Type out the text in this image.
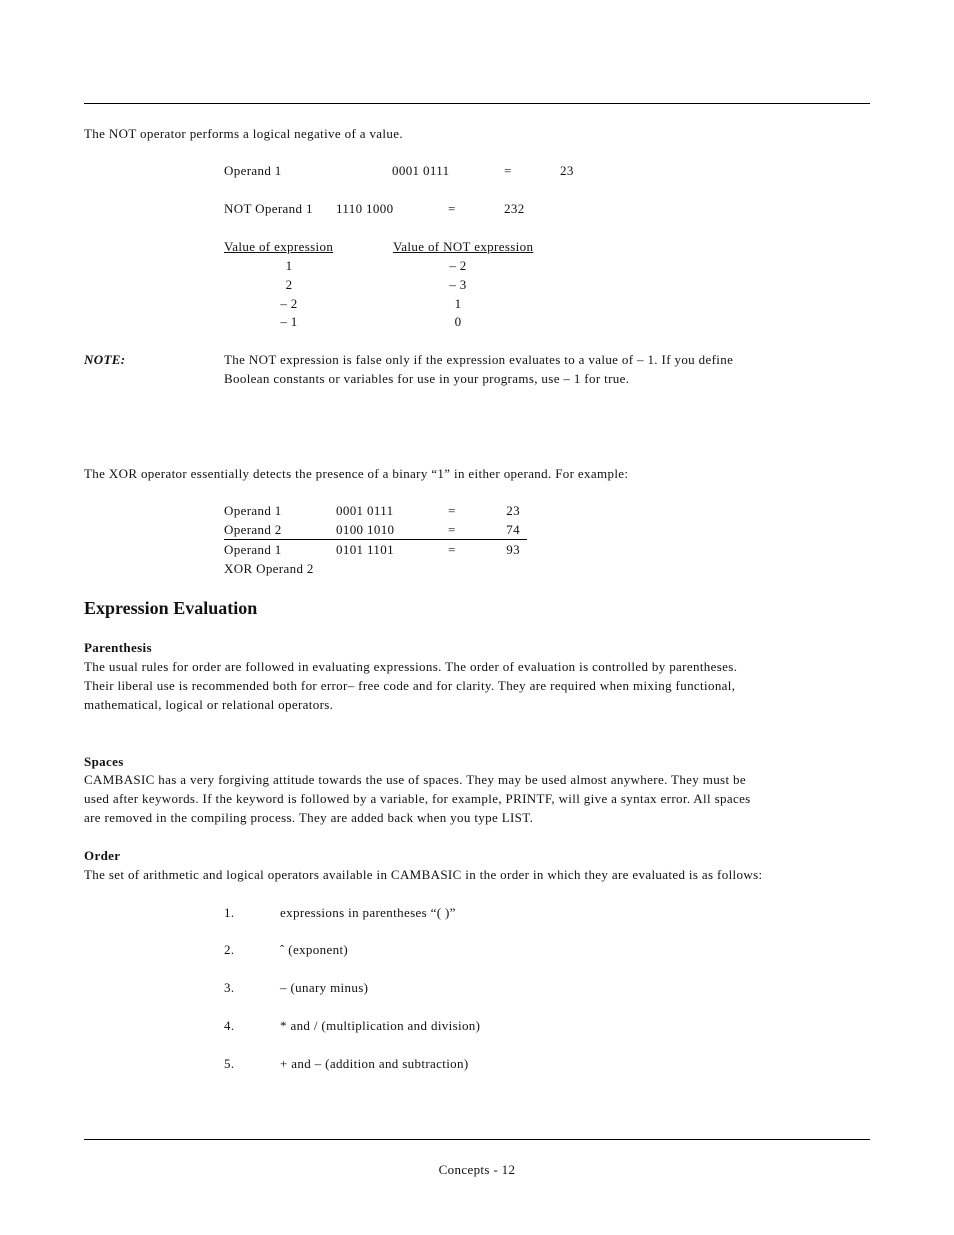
The NOT operator performs a logical negative of a value.
Operand 1	0001 0111	=	23
NOT Operand 1 1110 1000	=	232
Value of expression	Value of NOT expression
1	– 2
2	– 3
– 2	1
– 1	0
NOTE:	The NOT expression is false only if the expression evaluates to a value of – 1. If you define
Boolean constants or variables for use in your programs, use – 1 for true.
The XOR operator essentially detects the presence of a binary “1” in either operand. For example:
Operand 1	0001 0111	=	23
Operand 2	0100 1010	=	74
Operand 1	0101 1101	=	93
XOR Operand 2
Expression Evaluation
Parenthesis
The usual rules for order are followed in evaluating expressions. The order of evaluation is controlled by parentheses.
Their liberal use is recommended both for error– free code and for clarity. They are required when mixing functional,
mathematical, logical or relational operators.
Spaces
CAMBASIC has a very forgiving attitude towards the use of spaces. They may be used almost anywhere. They must be
used after keywords. If the keyword is followed by a variable, for example, PRINTF, will give a syntax error. All spaces
are removed in the compiling process. They are added back when you type LIST.
Order
The set of arithmetic and logical operators available in CAMBASIC in the order in which they are evaluated is as follows:
1.	expressions in parentheses “( )”
2.	ˆ (exponent)
3.	– (unary minus)
4.	* and / (multiplication and division)
5.	+ and – (addition and subtraction)
Concepts - 12
